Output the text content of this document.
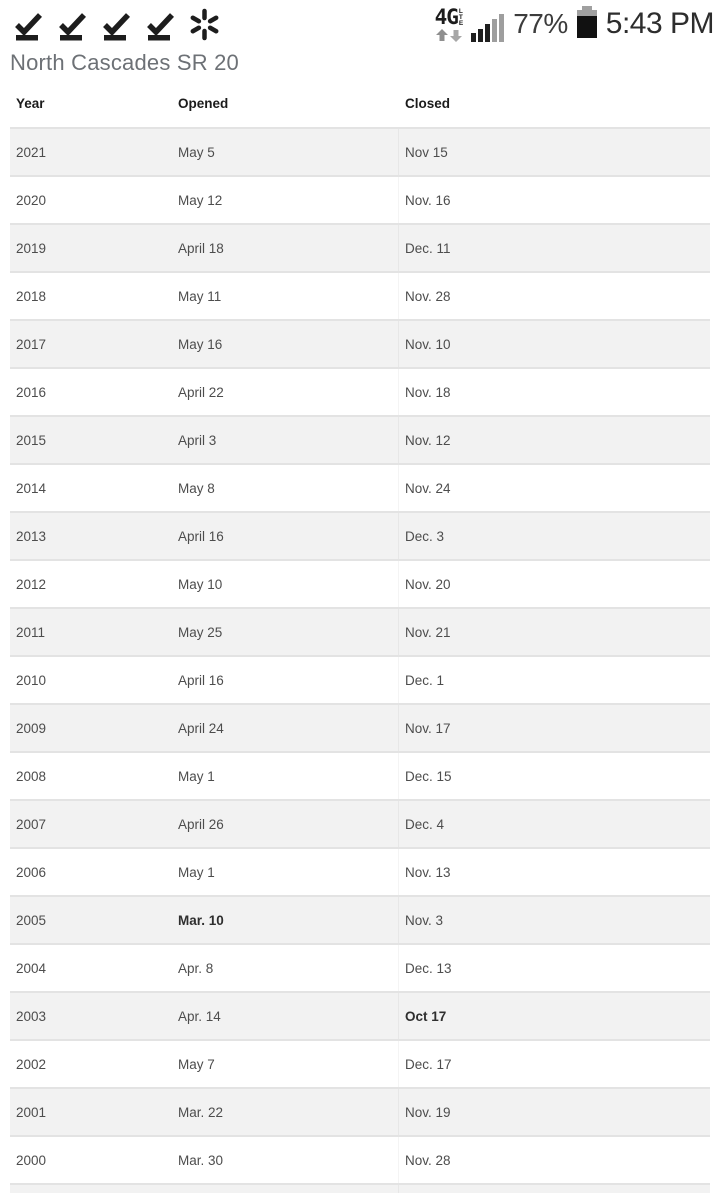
4G L
T
E 77% 5:43 PM
North Cascades SR 20
Year	Opened	Closed
2021	May 5	Nov 15
2020	May 12	Nov. 16
2019	April 18	Dec. 11
2018	May 11	Nov. 28
2017	May 16	Nov. 10
2016	April 22	Nov. 18
2015	April 3	Nov. 12
2014	May 8	Nov. 24
2013	April 16	Dec. 3
2012	May 10	Nov. 20
2011	May 25	Nov. 21
2010	April 16	Dec. 1
2009	April 24	Nov. 17
2008	May 1	Dec. 15
2007	April 26	Dec. 4
2006	May 1	Nov. 13
2005	Mar. 10	Nov. 3
2004	Apr. 8	Dec. 13
2003	Apr. 14	Oct 17
2002	May 7	Dec. 17
2001	Mar. 22	Nov. 19
2000	Mar. 30	Nov. 28
